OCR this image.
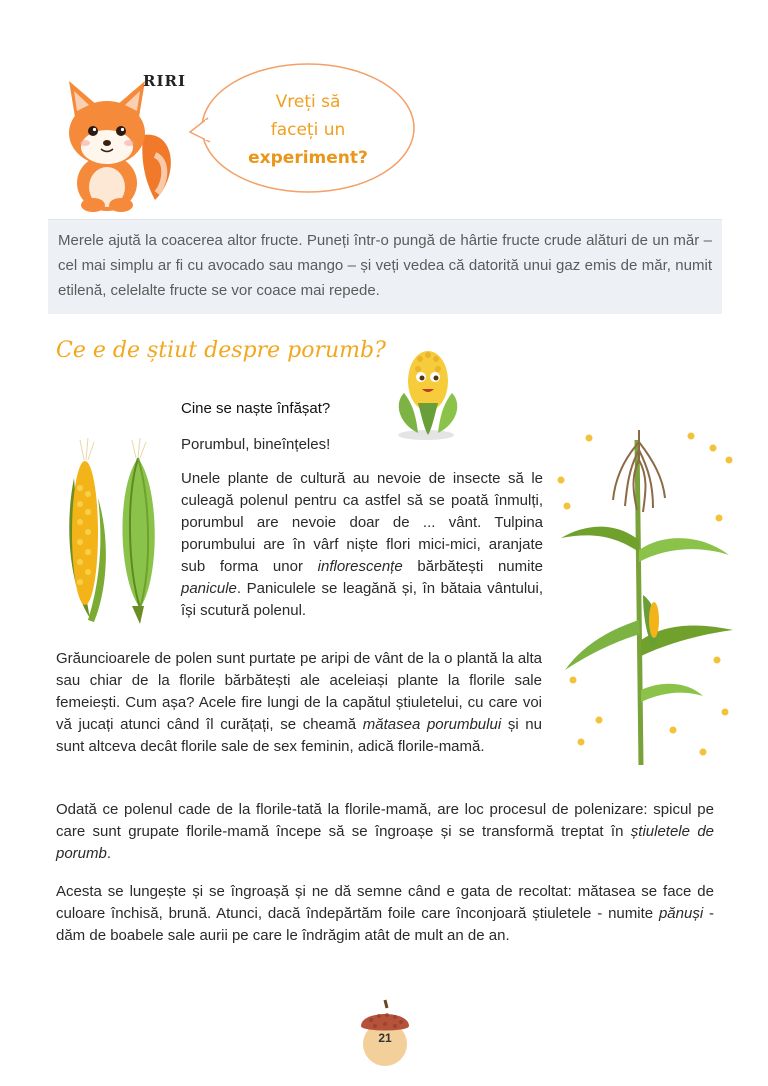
RIRI
Vreți să
faceți un

experiment?
Merele ajută la coacerea altor fructe. Puneți într-o pungă de hârtie fructe crude alături de un măr – cel mai simplu ar fi cu avocado sau mango – și veți vedea că datorită unui gaz emis de măr, numit etilenă, celelalte fructe se vor coace mai repede.
Ce e de știut despre porumb?
Cine se naște înfășat?
Porumbul, bineînțeles!
Unele plante de cultură au nevoie de insecte să le culeagă polenul pentru ca astfel să se poată înmulți, porumbul are nevoie doar de ... vânt. Tulpina porumbului are în vârf niște flori mici-mici, aranjate sub forma unor inflorescențe bărbătești numite panicule. Paniculele se leagănă și, în bătaia vântului, își scutură polenul.
Grăuncioarele de polen sunt purtate pe aripi de vânt de la o plantă la alta sau chiar de la florile bărbătești ale aceleiași plante la florile sale femeiești. Cum așa? Acele fire lungi de la capătul știuletelui, cu care voi vă jucați atunci când îl curățați, se cheamă mătasea porumbului și nu sunt altceva decât florile sale de sex feminin, adică florile-mamă.
Odată ce polenul cade de la florile-tată la florile-mamă, are loc procesul de polenizare: spicul pe care sunt grupate florile-mamă începe să se îngroașe și se transformă treptat în știuletele de porumb.
Acesta se lungește și se îngroașă și ne dă semne când e gata de recoltat: mătasea se face de culoare închisă, brună. Atunci, dacă îndepărtăm foile care înconjoară știuletele - numite pănuși - dăm de boabele sale aurii pe care le îndrăgim atât de mult an de an.
21
